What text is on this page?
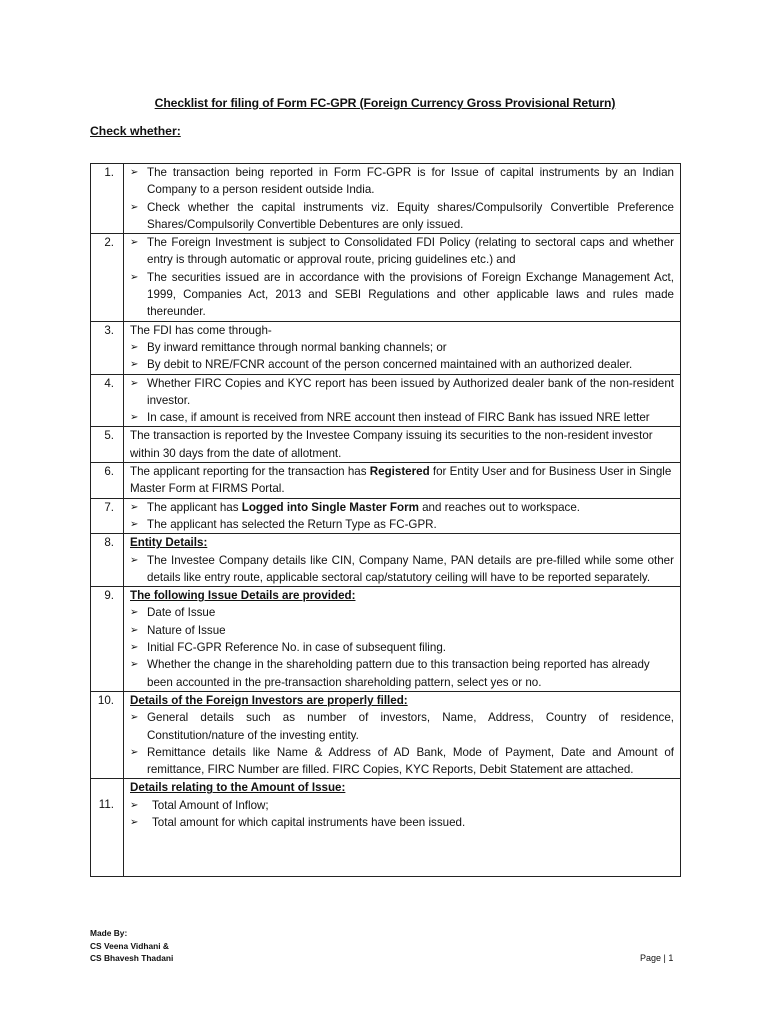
Checklist for filing of Form FC-GPR (Foreign Currency Gross Provisional Return)
Check whether:
1.	➢ The transaction being reported in Form FC-GPR is for Issue of capital instruments by an Indian Company to a person resident outside India.
➢ Check whether the capital instruments viz. Equity shares/Compulsorily Convertible Preference Shares/Compulsorily Convertible Debentures are only issued.

2.	➢ The Foreign Investment is subject to Consolidated FDI Policy (relating to sectoral caps and whether entry is through automatic or approval route, pricing guidelines etc.) and
➢ The securities issued are in accordance with the provisions of Foreign Exchange Management Act, 1999, Companies Act, 2013 and SEBI Regulations and other applicable laws and rules made thereunder.

3.	The FDI has come through-
➢ By inward remittance through normal banking channels; or
➢ By debit to NRE/FCNR account of the person concerned maintained with an authorized dealer.

4.	➢ Whether FIRC Copies and KYC report has been issued by Authorized dealer bank of the non-resident investor.
➢ In case, if amount is received from NRE account then instead of FIRC Bank has issued NRE letter

5.	The transaction is reported by the Investee Company issuing its securities to the non-resident investor within 30 days from the date of allotment.
6.	The applicant reporting for the transaction has Registered for Entity User and for Business User in Single Master Form at FIRMS Portal.
7.	➢ The applicant has Logged into Single Master Form and reaches out to workspace.
➢ The applicant has selected the Return Type as FC-GPR.

8.	Entity Details:
➢ The Investee Company details like CIN, Company Name, PAN details are pre-filled while some other details like entry route, applicable sectoral cap/statutory ceiling will have to be reported separately.

9.	The following Issue Details are provided:
➢ Date of Issue
➢ Nature of Issue
➢ Initial FC-GPR Reference No. in case of subsequent filing.
➢ Whether the change in the shareholding pattern due to this transaction being reported has already been accounted in the pre-transaction shareholding pattern, select yes or no.

10.	Details of the Foreign Investors are properly filled:
➢ General details such as number of investors, Name, Address, Country of residence, Constitution/nature of the investing entity.
➢ Remittance details like Name & Address of AD Bank, Mode of Payment, Date and Amount of remittance, FIRC Number are filled. FIRC Copies, KYC Reports, Debit Statement are attached.

11.	Details relating to the Amount of Issue:
➢ Total Amount of Inflow;
➢ Total amount for which capital instruments have been issued.
Made By:
CS Veena Vidhani &
CS Bhavesh Thadani	Page | 1
